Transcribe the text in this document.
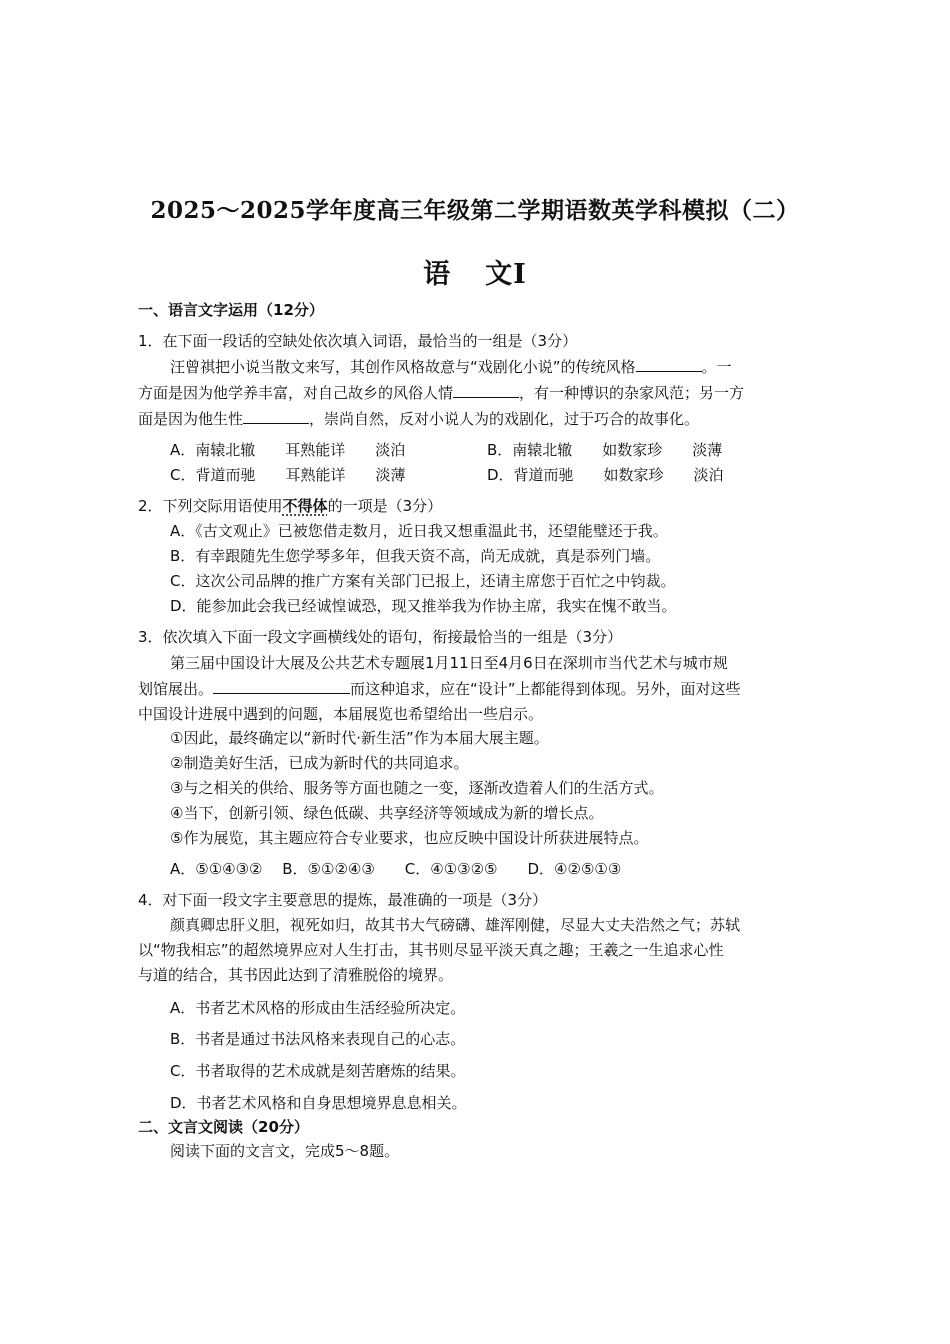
2025～2025学年度高三年级第二学期语数英学科模拟（二）
语 文Ⅰ
一、语言文字运用（12分）
1．在下面一段话的空缺处依次填入词语，最恰当的一组是（3分）
汪曾祺把小说当散文来写，其创作风格故意与“戏剧化小说”的传统风格	。一
方面是因为他学养丰富，对自己故乡的风俗人情	，有一种博识的杂家风范；另一方
面是因为他生性	，崇尚自然，反对小说人为的戏剧化，过于巧合的故事化。
A．南辕北辙　　耳熟能详　　淡泊	B．南辕北辙　　如数家珍　　淡薄
C．背道而驰　　耳熟能详　　淡薄	D．背道而驰　　如数家珍　　淡泊
2．下列交际用语使用不得体的一项是（3分）
A．《古文观止》已被您借走数月，近日我又想重温此书，还望能璧还于我。
B．有幸跟随先生您学琴多年，但我天资不高，尚无成就，真是忝列门墙。
C．这次公司品牌的推广方案有关部门已报上，还请主席您于百忙之中钧裁。
D．能参加此会我已经诚惶诚恐，现又推举我为作协主席，我实在愧不敢当。
3．依次填入下面一段文字画横线处的语句，衔接最恰当的一组是（3分）
第三届中国设计大展及公共艺术专题展1月11日至4月6日在深圳市当代艺术与城市规
划馆展出。	而这种追求，应在“设计”上都能得到体现。另外，面对这些
中国设计进展中遇到的问题，本届展览也希望给出一些启示。
①因此，最终确定以“新时代·新生活”作为本届大展主题。
②制造美好生活，已成为新时代的共同追求。
③与之相关的供给、服务等方面也随之一变，逐渐改造着人们的生活方式。
④当下，创新引领、绿色低碳、共享经济等领域成为新的增长点。
⑤作为展览，其主题应符合专业要求，也应反映中国设计所获进展特点。
A．⑤①④③②　 B．⑤①②④③　　C．④①③②⑤　　D．④②⑤①③
4．对下面一段文字主要意思的提炼，最准确的一项是（3分）
颜真卿忠肝义胆，视死如归，故其书大气磅礴、雄浑刚健，尽显大丈夫浩然之气；苏轼
以“物我相忘”的超然境界应对人生打击，其书则尽显平淡天真之趣；王羲之一生追求心性
与道的结合，其书因此达到了清雅脱俗的境界。
A．书者艺术风格的形成由生活经验所决定。
B．书者是通过书法风格来表现自己的心志。
C．书者取得的艺术成就是刻苦磨炼的结果。
D．书者艺术风格和自身思想境界息息相关。
二、文言文阅读（20分）
阅读下面的文言文，完成5～8题。
